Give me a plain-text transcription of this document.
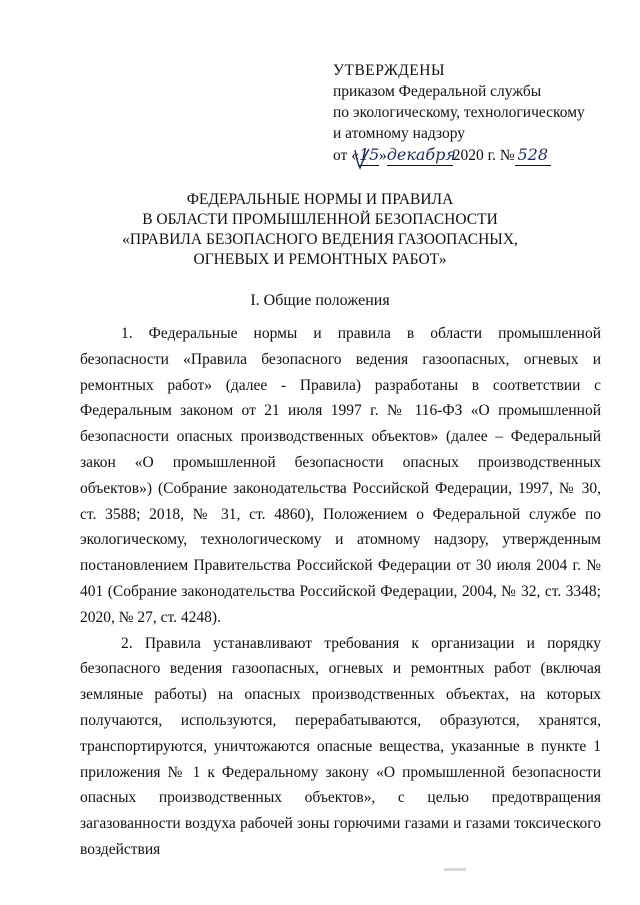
УТВЕРЖДЕНЫ
приказом Федеральной службы
по экологическому, технологическому
и атомному надзору
от «15»декабря2020 г. № 528
ФЕДЕРАЛЬНЫЕ НОРМЫ И ПРАВИЛА
В ОБЛАСТИ ПРОМЫШЛЕННОЙ БЕЗОПАСНОСТИ
«ПРАВИЛА БЕЗОПАСНОГО ВЕДЕНИЯ ГАЗООПАСНЫХ,
ОГНЕВЫХ И РЕМОНТНЫХ РАБОТ»
I. Общие положения

1. Федеральные нормы и правила в области промышленной безопасности «Правила безопасного ведения газоопасных, огневых и ремонтных работ» (далее - Правила) разработаны в соответствии с Федеральным законом от 21 июля 1997 г. № 116-ФЗ «О промышленной безопасности опасных производственных объектов» (далее – Федеральный закон «О промышленной безопасности опасных производственных объектов») (Собрание законодательства Российской Федерации, 1997, № 30, ст. 3588; 2018, № 31, ст. 4860), Положением о Федеральной службе по экологическому, технологическому и атомному надзору, утвержденным постановлением Правительства Российской Федерации от 30 июля 2004 г. № 401 (Собрание законодательства Российской Федерации, 2004, № 32, ст. 3348; 2020, № 27, ст. 4248).

2. Правила устанавливают требования к организации и порядку безопасного ведения газоопасных, огневых и ремонтных работ (включая земляные работы) на опасных производственных объектах, на которых получаются, используются, перерабатываются, образуются, хранятся, транспортируются, уничтожаются опасные вещества, указанные в пункте 1 приложения № 1 к Федеральному закону «О промышленной безопасности опасных производственных объектов», с целью предотвращения загазованности воздуха рабочей зоны горючими газами и газами токсического воздействия
